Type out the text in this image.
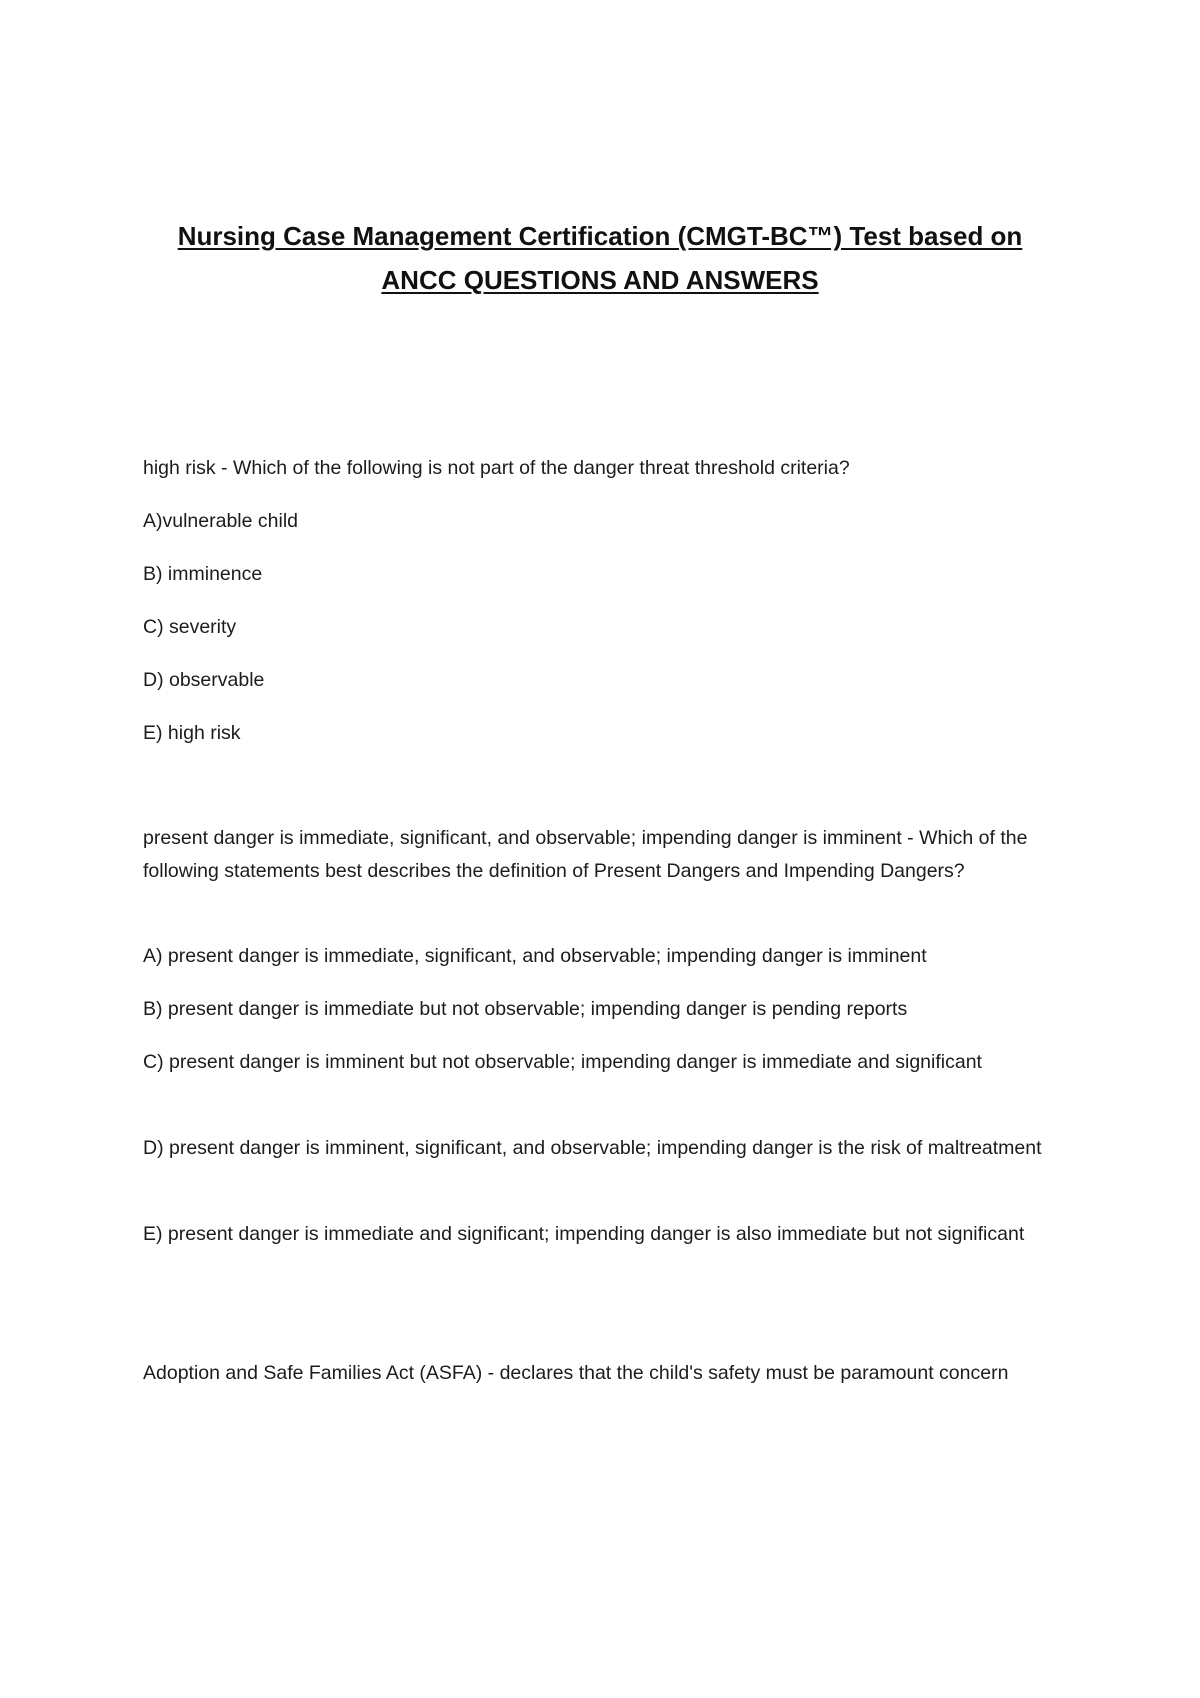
Nursing Case Management Certification (CMGT-BC™) Test based on
ANCC QUESTIONS AND ANSWERS

high risk - Which of the following is not part of the danger threat threshold criteria?

A)vulnerable child

B) imminence

C) severity

D) observable

E) high risk

present danger is immediate, significant, and observable; impending danger is imminent - Which of the following statements best describes the definition of Present Dangers and Impending Dangers?

A) present danger is immediate, significant, and observable; impending danger is imminent

B) present danger is immediate but not observable; impending danger is pending reports

C) present danger is imminent but not observable; impending danger is immediate and significant

D) present danger is imminent, significant, and observable; impending danger is the risk of maltreatment

E) present danger is immediate and significant; impending danger is also immediate but not significant

Adoption and Safe Families Act (ASFA) - declares that the child's safety must be paramount concern
